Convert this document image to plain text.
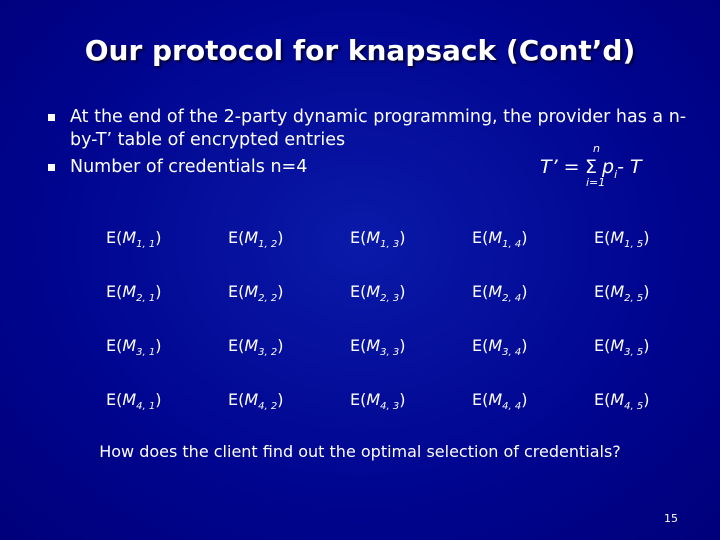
Our protocol for knapsack (Cont’d)
At the end of the 2-party dynamic programming, the provider has a n-by-T’ table of encrypted entries
Number of credentials n=4	T’ =
n
Σ
i=1
$p_i-$ T
$E(M_{1, 1})$	$E(M_{1, 2})$	$E(M_{1, 3})$	$E(M_{1, 4})$	$E(M_{1, 5})$
$E(M_{2, 1})$	$E(M_{2, 2})$	$E(M_{2, 3})$	$E(M_{2, 4})$	$E(M_{2, 5})$
$E(M_{3, 1})$	$E(M_{3, 2})$	$E(M_{3, 3})$	$E(M_{3, 4})$	$E(M_{3, 5})$
$E(M_{4, 1})$	$E(M_{4, 2})$	$E(M_{4, 3})$	$E(M_{4, 4})$	$E(M_{4, 5})$
How does the client find out the optimal selection of credentials?
15
